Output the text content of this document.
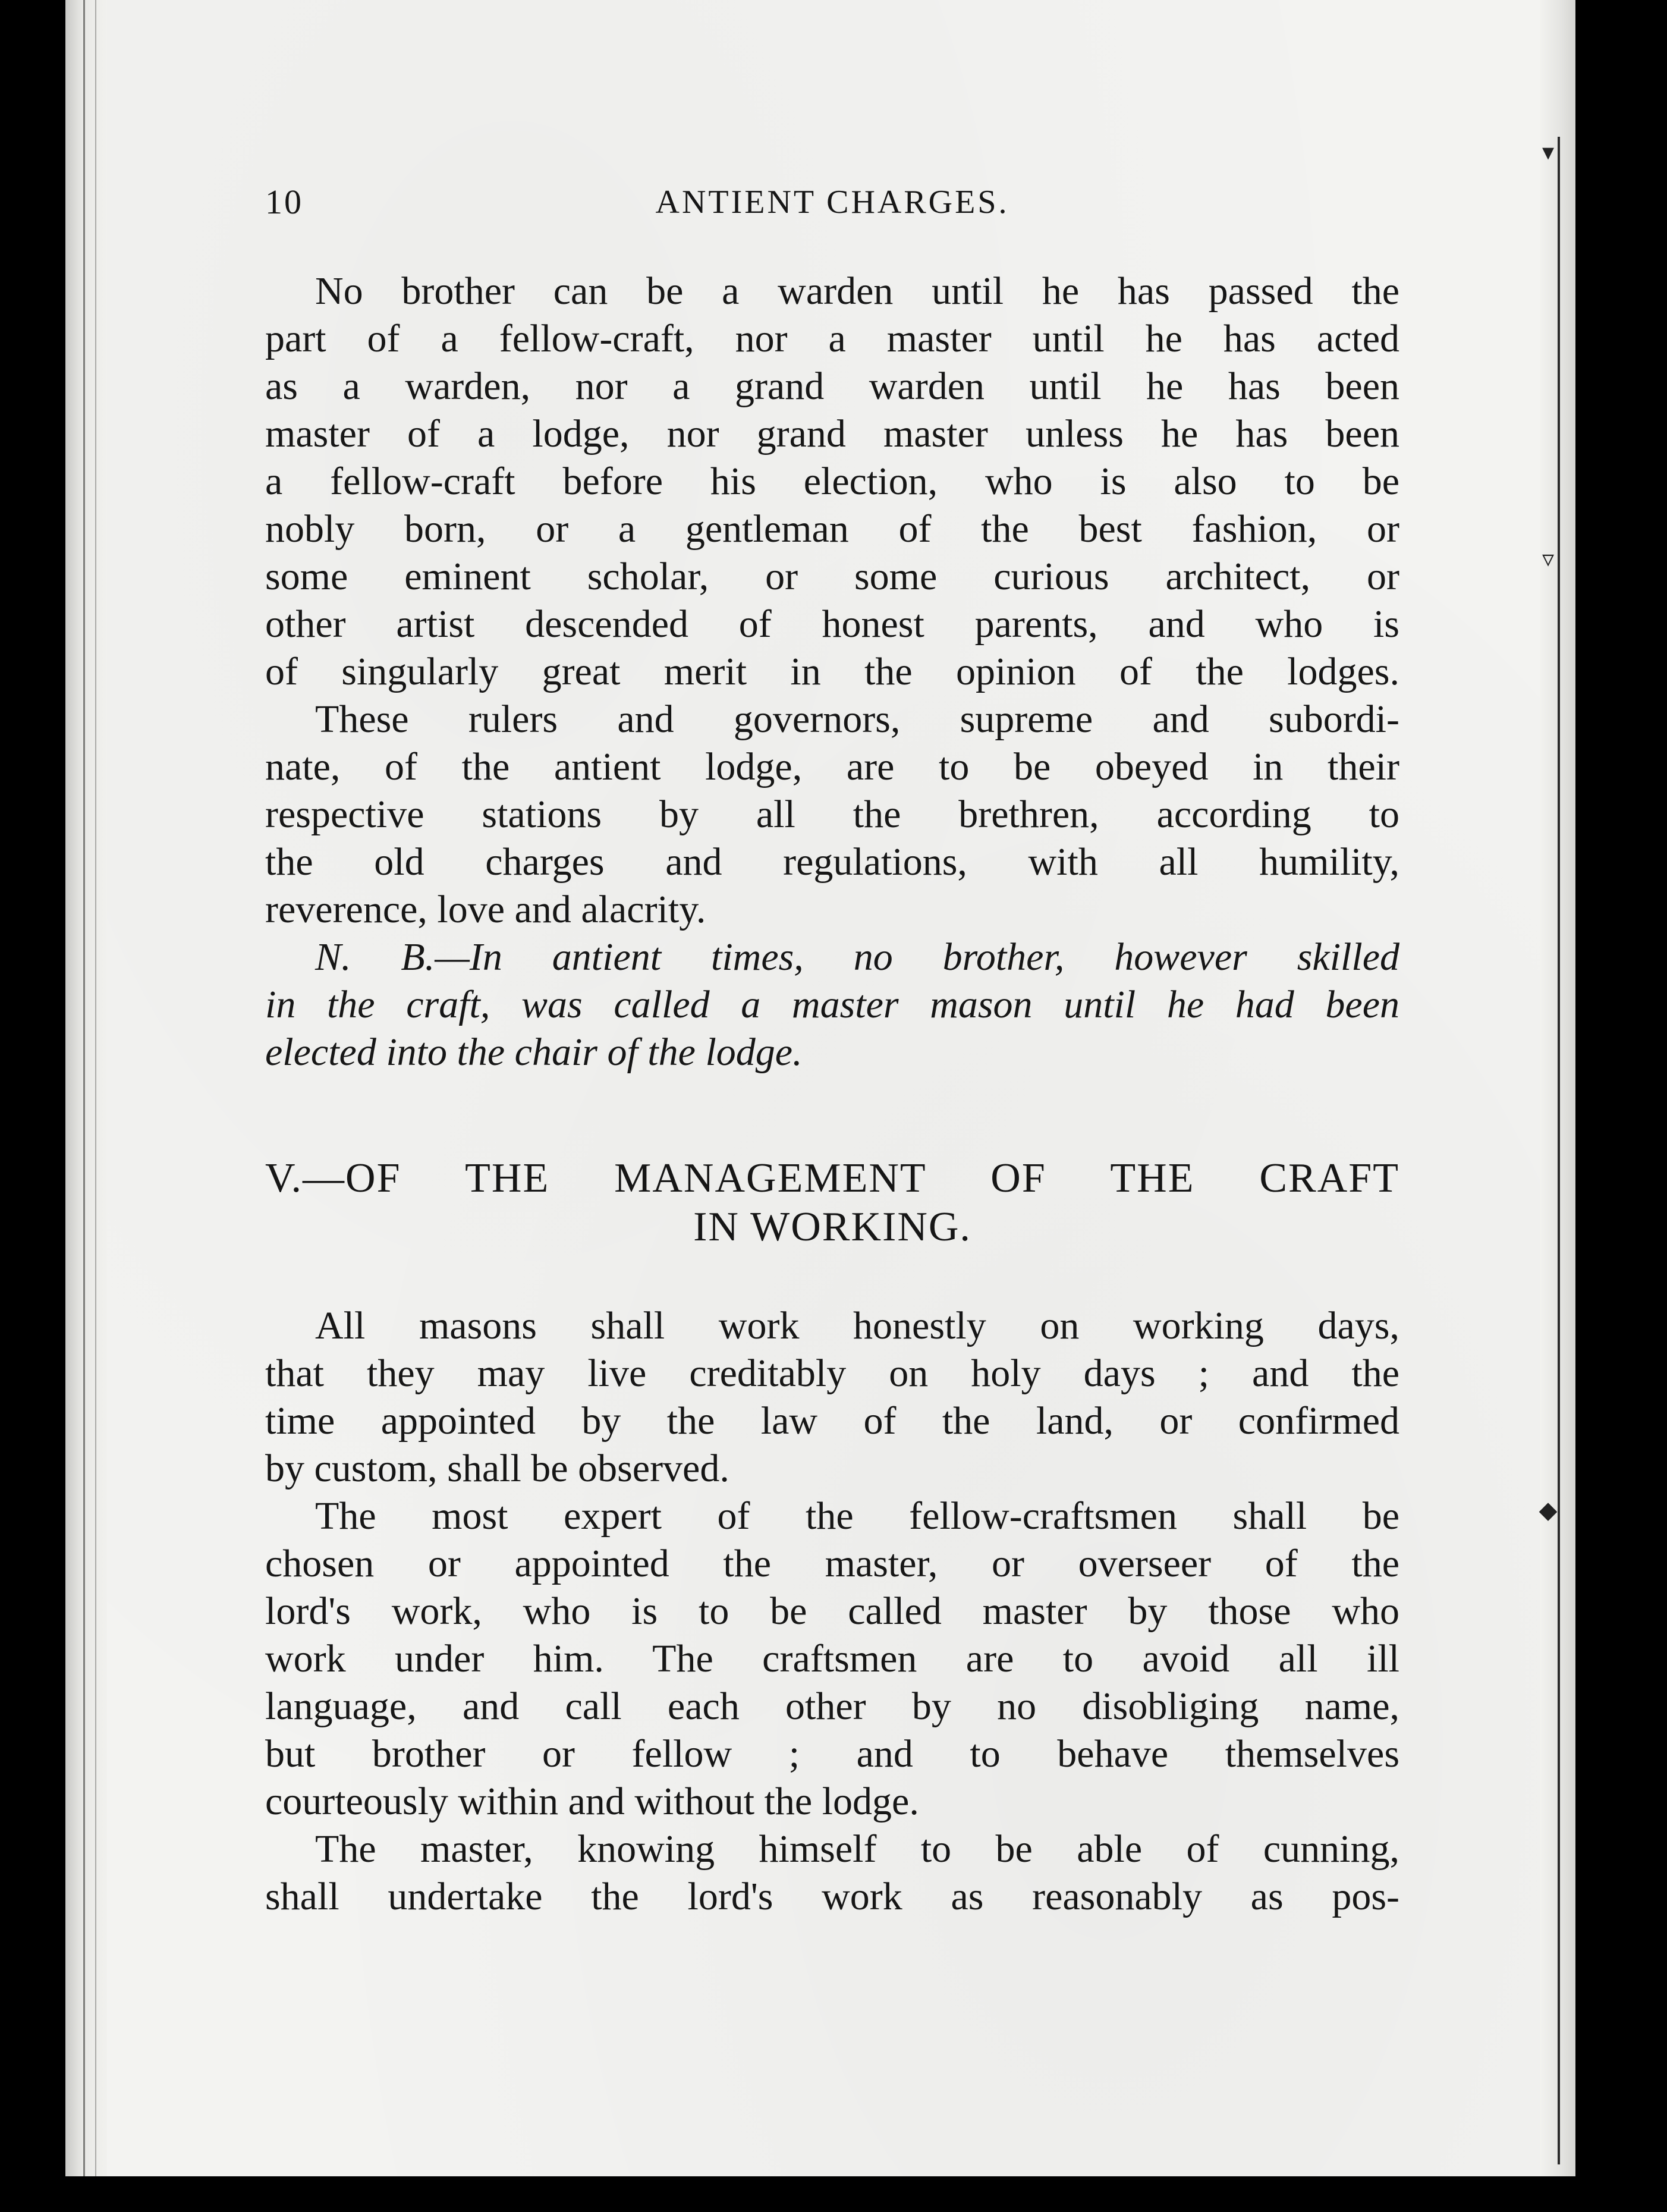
▾
▿
◆
10	ANTIENT CHARGES.
No brother can be a warden until he has passed the
part of a fellow-craft, nor a master until he has acted
as a warden, nor a grand warden until he has been
master of a lodge, nor grand master unless he has been
a fellow-craft before his election, who is also to be
nobly born, or a gentleman of the best fashion, or
some eminent scholar, or some curious architect, or
other artist descended of honest parents, and who is
of singularly great merit in the opinion of the lodges.
These rulers and governors, supreme and subordi-
nate, of the antient lodge, are to be obeyed in their
respective stations by all the brethren, according to
the old charges and regulations, with all humility,
reverence, love and alacrity.
N. B.—In antient times, no brother, however skilled
in the craft, was called a master mason until he had been
elected into the chair of the lodge.
V.—OF THE MANAGEMENT OF THE CRAFT
IN WORKING.
All masons shall work honestly on working days,
that they may live creditably on holy days ; and the
time appointed by the law of the land, or confirmed
by custom, shall be observed.
The most expert of the fellow-craftsmen shall be
chosen or appointed the master, or overseer of the
lord's work, who is to be called master by those who
work under him. The craftsmen are to avoid all ill
language, and call each other by no disobliging name,
but brother or fellow ; and to behave themselves
courteously within and without the lodge.
The master, knowing himself to be able of cunning,
shall undertake the lord's work as reasonably as pos-
